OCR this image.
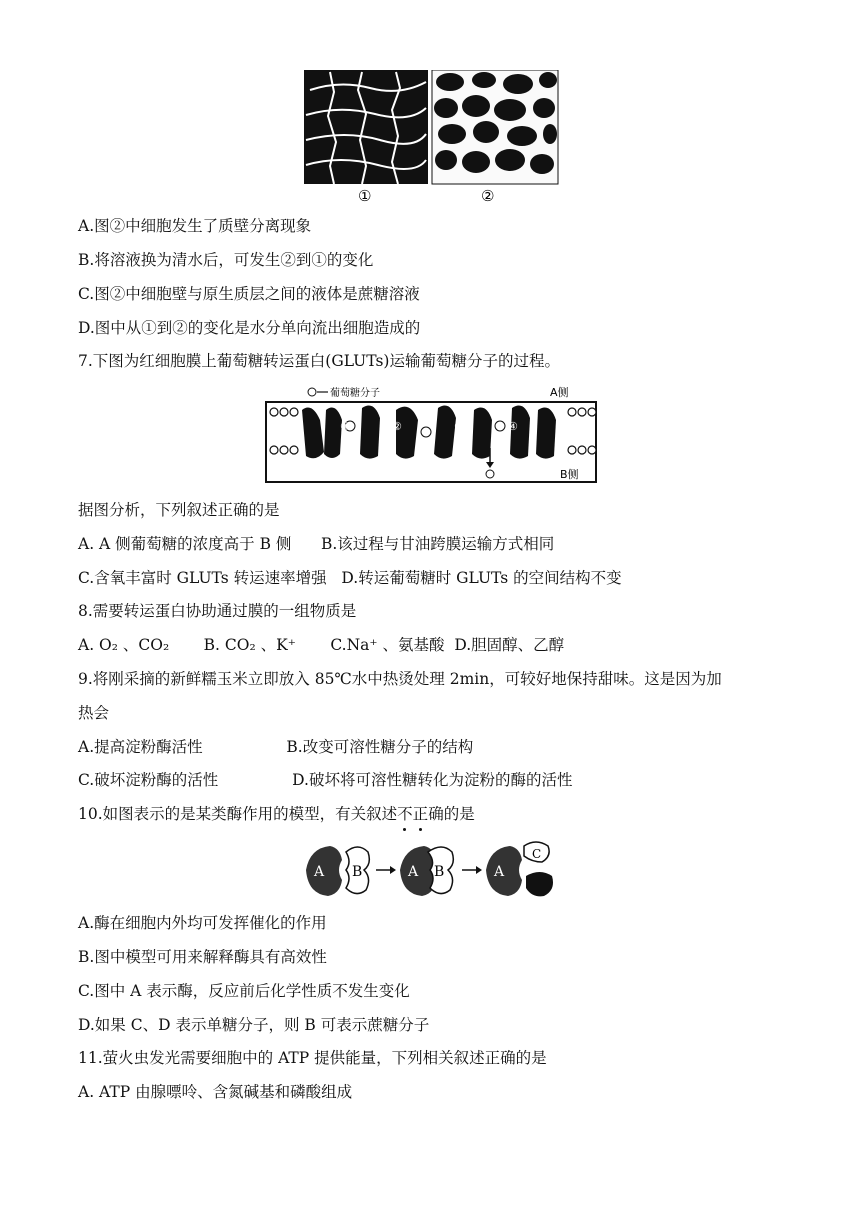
①	②
A.图②中细胞发生了质壁分离现象
B.将溶液换为清水后，可发生②到①的变化
C.图②中细胞壁与原生质层之间的液体是蔗糖溶液
D.图中从①到②的变化是水分单向流出细胞造成的
7.下图为红细胞膜上葡萄糖转运蛋白(GLUTs)运输葡萄糖分子的过程。
葡萄糖分子	A侧
B侧
①	②	③	④
据图分析，下列叙述正确的是
A. A 侧葡萄糖的浓度高于 B 侧      B.该过程与甘油跨膜运输方式相同
C.含氧丰富时 GLUTs 转运速率增强   D.转运葡萄糖时 GLUTs 的空间结构不变
8.需要转运蛋白协助通过膜的一组物质是
A. O₂ 、CO₂       B. CO₂ 、K⁺       C.Na⁺ 、氨基酸  D.胆固醇、乙醇
9.将刚采摘的新鲜糯玉米立即放入 85℃水中热烫处理 2min，可较好地保持甜味。这是因为加
热会
A.提高淀粉酶活性                 B.改变可溶性糖分子的结构
C.破坏淀粉酶的活性               D.破坏将可溶性糖转化为淀粉的酶的活性
10.如图表示的是某类酶作用的模型，有关叙述不正确的是
A B	A B	A
C
A.酶在细胞内外均可发挥催化的作用
B.图中模型可用来解释酶具有高效性
C.图中 A 表示酶，反应前后化学性质不发生变化
D.如果 C、D 表示单糖分子，则 B 可表示蔗糖分子
11.萤火虫发光需要细胞中的 ATP 提供能量，下列相关叙述正确的是
A. ATP 由腺嘌呤、含氮碱基和磷酸组成
